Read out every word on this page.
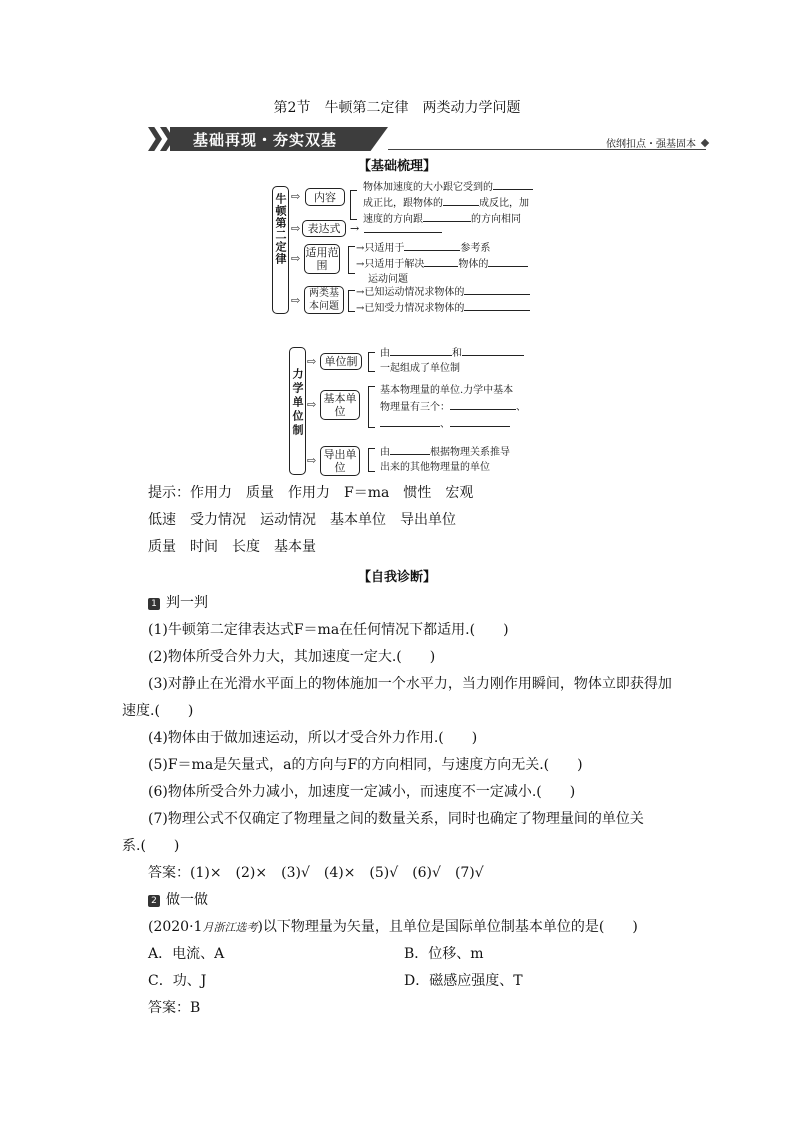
第2节　牛顿第二定律　两类动力学问题
基础再现・夯实双基	依纲扣点・强基固本
【基础梳理】
牛顿第二定律 ⇨	内容
物体加速度的大小跟它受到的
成正比，跟物体的	成反比，加
速度的方向跟	的方向相同
⇨ 表达式 →
⇨ 适用范围
→只适用于	参考系
→只适用于解决	物体的
运动问题
⇨
两类基本问题
→已知运动情况求物体的
→已知受力情况求物体的
力学单位制
⇨ 单位制
由	和
一起组成了单位制
⇨ 基本单位
基本物理量的单位.力学中基本
物理量有三个：	、
、
⇨ 导出单位
由	根据物理关系推导
出来的其他物理量的单位
提示：作用力　质量　作用力　F＝ma　惯性　宏观
低速　受力情况　运动情况　基本单位　导出单位
质量　时间　长度　基本量
【自我诊断】
1 判一判
(1)牛顿第二定律表达式F＝ma在任何情况下都适用.(　　)
(2)物体所受合外力大，其加速度一定大.(　　)
(3)对静止在光滑水平面上的物体施加一个水平力，当力刚作用瞬间，物体立即获得加
速度.(　　)
(4)物体由于做加速运动，所以才受合外力作用.(　　)
(5)F＝ma是矢量式，a的方向与F的方向相同，与速度方向无关.(　　)
(6)物体所受合外力减小，加速度一定减小，而速度不一定减小.(　　)
(7)物理公式不仅确定了物理量之间的数量关系，同时也确定了物理量间的单位关
系.(　　)
答案：(1)×　(2)×　(3)√　(4)×　(5)√　(6)√　(7)√
2 做一做
(2020·1月浙江选考)以下物理量为矢量，且单位是国际单位制基本单位的是(　　)
A．电流、A	B．位移、m
C．功、J	D．磁感应强度、T
答案：B
